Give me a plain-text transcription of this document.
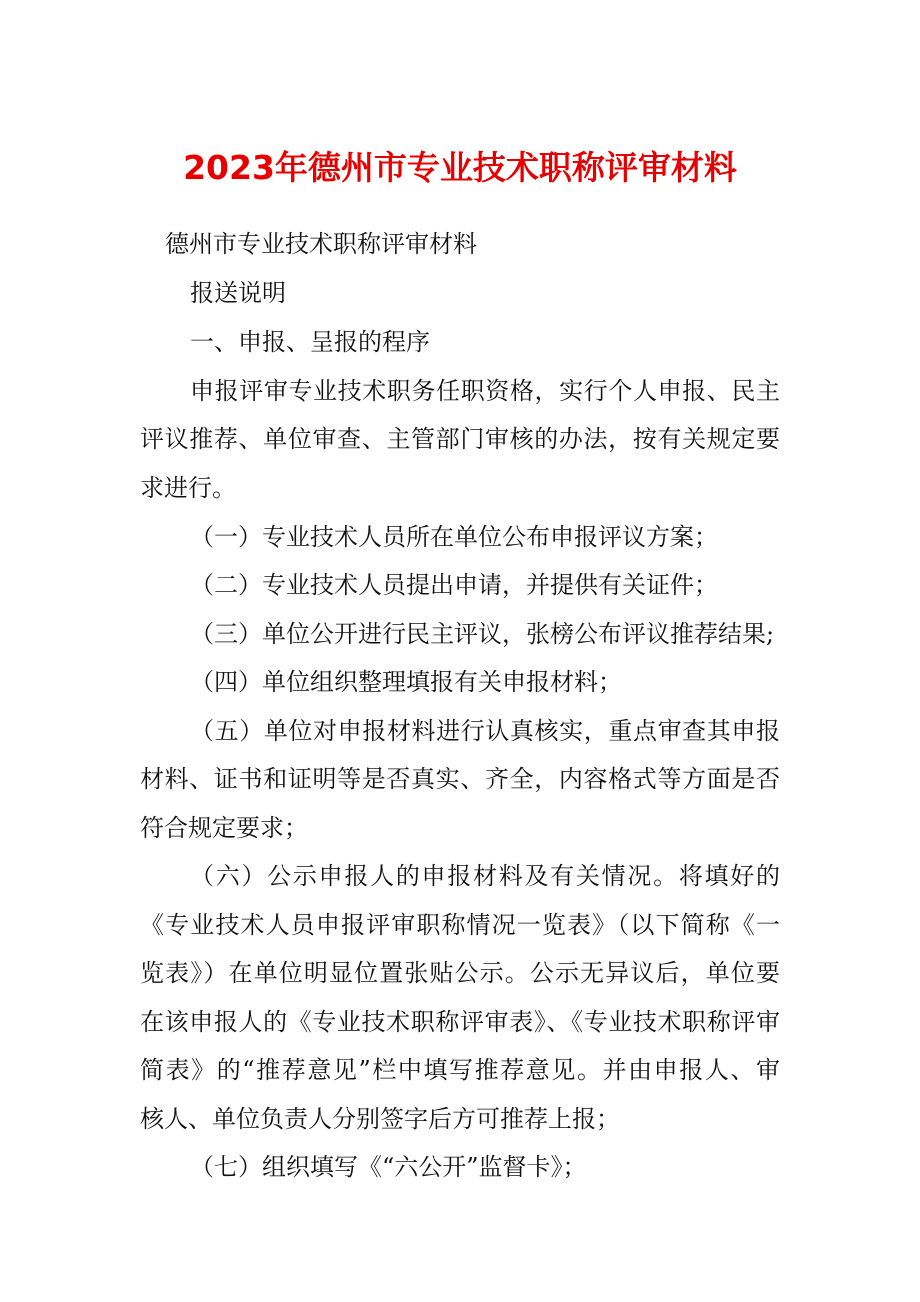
2023年德州市专业技术职称评审材料
德州市专业技术职称评审材料
报送说明
一、申报、呈报的程序
申报评审专业技术职务任职资格，实行个人申报、民主
评议推荐、单位审查、主管部门审核的办法，按有关规定要
求进行。
（一）专业技术人员所在单位公布申报评议方案；
（二）专业技术人员提出申请，并提供有关证件；
（三）单位公开进行民主评议，张榜公布评议推荐结果;
（四）单位组织整理填报有关申报材料；
（五）单位对申报材料进行认真核实，重点审查其申报
材料、证书和证明等是否真实、齐全，内容格式等方面是否
符合规定要求；
（六）公示申报人的申报材料及有关情况。将填好的
《专业技术人员申报评审职称情况一览表》（以下简称《一
览表》）在单位明显位置张贴公示。公示无异议后，单位要
在该申报人的《专业技术职称评审表》、《专业技术职称评审
简表》的“推荐意见”栏中填写推荐意见。并由申报人、审
核人、单位负责人分别签字后方可推荐上报；
（七）组织填写《“六公开”监督卡》；
